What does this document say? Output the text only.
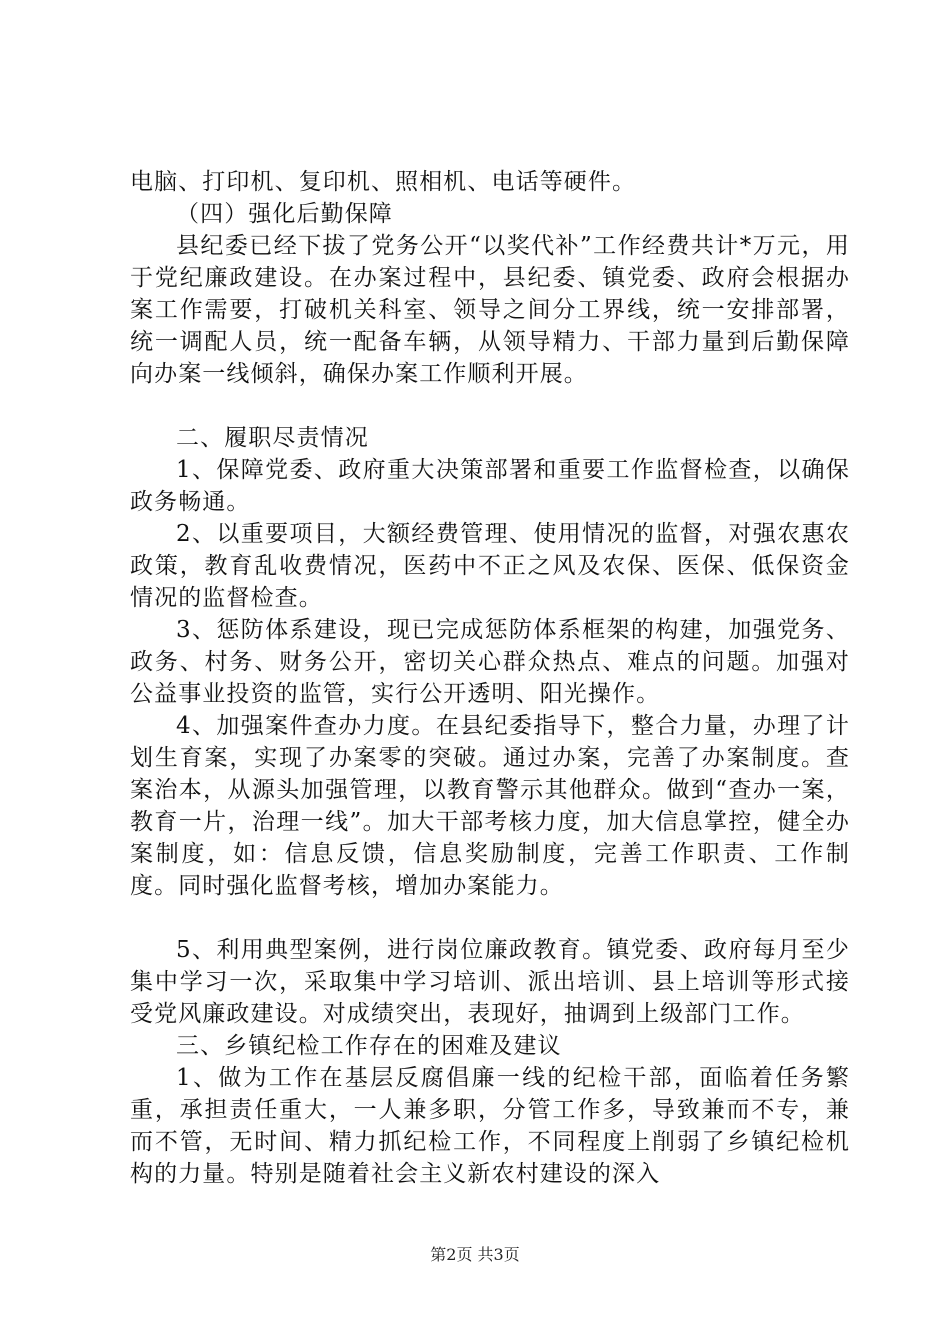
电脑、打印机、复印机、照相机、电话等硬件。

（四）强化后勤保障

县纪委已经下拔了党务公开“以奖代补”工作经费共计*万元，用于党纪廉政建设。在办案过程中，县纪委、镇党委、政府会根据办案工作需要，打破机关科室、领导之间分工界线，统一安排部署，统一调配人员，统一配备车辆，从领导精力、干部力量到后勤保障向办案一线倾斜，确保办案工作顺利开展。

二、履职尽责情况

1、保障党委、政府重大决策部署和重要工作监督检查，以确保政务畅通。

2、以重要项目，大额经费管理、使用情况的监督，对强农惠农政策，教育乱收费情况，医药中不正之风及农保、医保、低保资金情况的监督检查。

3、惩防体系建设，现已完成惩防体系框架的构建，加强党务、政务、村务、财务公开，密切关心群众热点、难点的问题。加强对公益事业投资的监管，实行公开透明、阳光操作。

4、加强案件查办力度。在县纪委指导下，整合力量，办理了计划生育案，实现了办案零的突破。通过办案，完善了办案制度。查案治本，从源头加强管理，以教育警示其他群众。做到“查办一案，教育一片，治理一线”。加大干部考核力度，加大信息掌控，健全办案制度，如：信息反馈，信息奖励制度，完善工作职责、工作制度。同时强化监督考核，增加办案能力。

5、利用典型案例，进行岗位廉政教育。镇党委、政府每月至少集中学习一次，采取集中学习培训、派出培训、县上培训等形式接受党风廉政建设。对成绩突出，表现好，抽调到上级部门工作。

三、乡镇纪检工作存在的困难及建议

1、做为工作在基层反腐倡廉一线的纪检干部，面临着任务繁重，承担责任重大，一人兼多职，分管工作多，导致兼而不专，兼而不管，无时间、精力抓纪检工作，不同程度上削弱了乡镇纪检机构的力量。特别是随着社会主义新农村建设的深入

第2页 共3页
